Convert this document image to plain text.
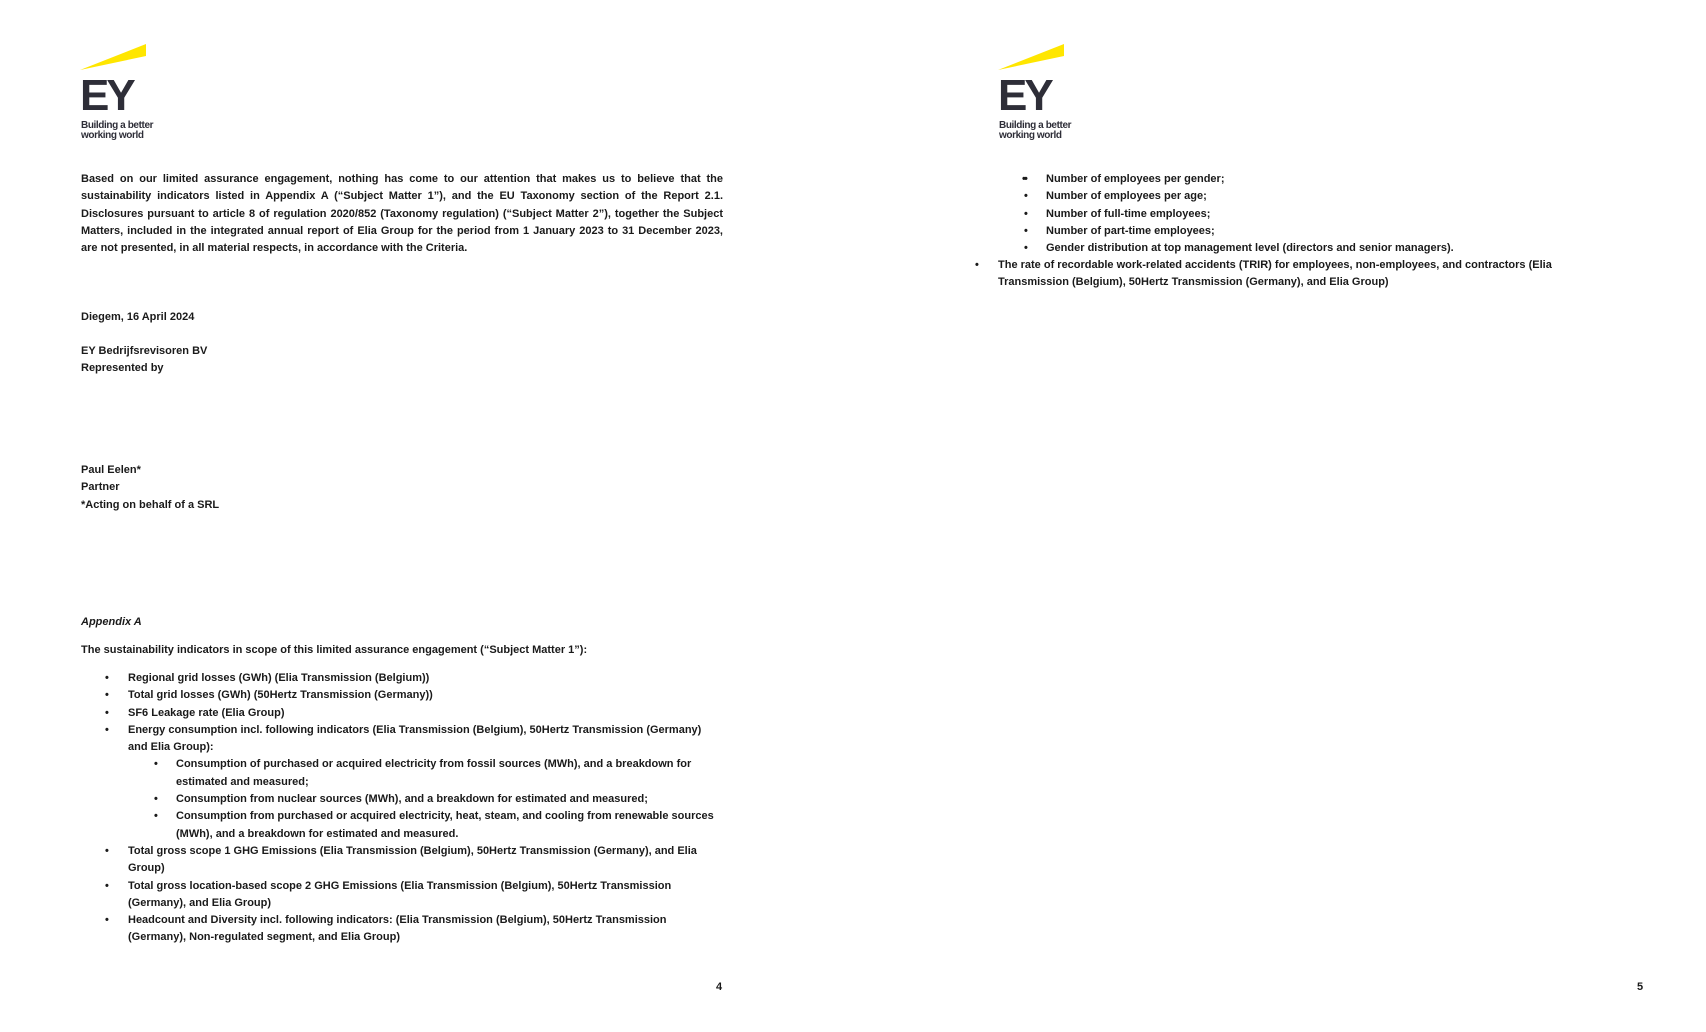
EY
Building a better
working world
Based on our limited assurance engagement, nothing has come to our attention that makes us to believe that the sustainability indicators listed in Appendix A (“Subject Matter 1”), and the EU Taxonomy section of the Report 2.1. Disclosures pursuant to article 8 of regulation 2020/852 (Taxonomy regulation) (“Subject Matter 2”), together the Subject Matters, included in the integrated annual report of Elia Group for the period from 1 January 2023 to 31 December 2023, are not presented, in all material respects, in accordance with the Criteria.
Diegem, 16 April 2024
EY Bedrijfsrevisoren BV
Represented by
Paul Eelen*
Partner
*Acting on behalf of a SRL
Appendix A
The sustainability indicators in scope of this limited assurance engagement (“Subject Matter 1”):
• Regional grid losses (GWh) (Elia Transmission (Belgium))
• Total grid losses (GWh) (50Hertz Transmission (Germany))
• SF6 Leakage rate (Elia Group)
• Energy consumption incl. following indicators (Elia Transmission (Belgium), 50Hertz Transmission (Germany) and Elia Group):
• Consumption of purchased or acquired electricity from fossil sources (MWh), and a breakdown for estimated and measured;
• Consumption from nuclear sources (MWh), and a breakdown for estimated and measured;
• Consumption from purchased or acquired electricity, heat, steam, and cooling from renewable sources (MWh), and a breakdown for estimated and measured.
• Total gross scope 1 GHG Emissions (Elia Transmission (Belgium), 50Hertz Transmission (Germany), and Elia Group)
• Total gross location-based scope 2 GHG Emissions (Elia Transmission (Belgium), 50Hertz Transmission (Germany), and Elia Group)
• Headcount and Diversity incl. following indicators: (Elia Transmission (Belgium), 50Hertz Transmission (Germany), Non-regulated segment, and Elia Group)
4
EY
Building a better
working world
• • Number of employees per gender;
• Number of employees per age;
• Number of full-time employees;
• Number of part-time employees;
• Gender distribution at top management level (directors and senior managers).
• The rate of recordable work-related accidents (TRIR) for employees, non-employees, and contractors (Elia Transmission (Belgium), 50Hertz Transmission (Germany), and Elia Group)
5
